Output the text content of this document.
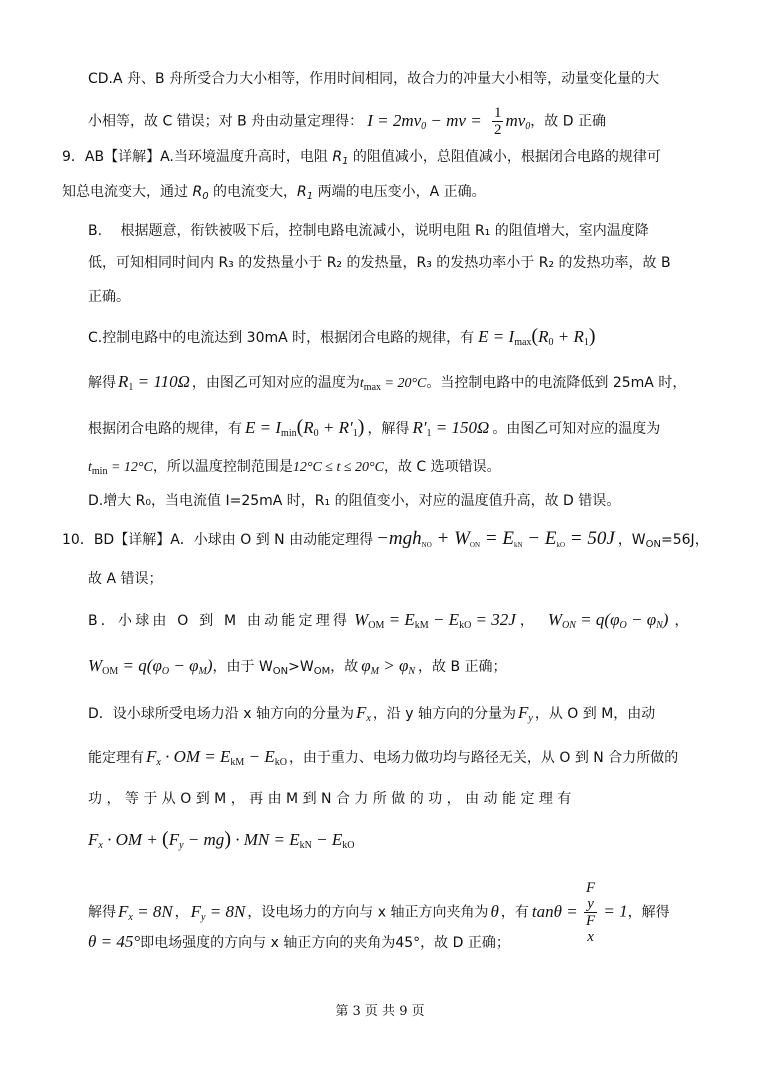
CD.A 舟、B 舟所受合力大小相等，作用时间相同，故合力的冲量大小相等，动量变化量的大
小相等，故 C 错误；对 B 舟由动量定理得： $I = 2mv_0$ − mv = $\frac{1}{2} mv_0$，故 D 正确
9．AB【详解】A.当环境温度升高时，电阻 $R_1$ 的阻值减小，总阻值减小，根据闭合电路的规律可
知总电流变大，通过 $R_0$ 的电流变大，$R_1$ 两端的电压变小，A 正确。
B.　 根据题意，衔铁被吸下后，控制电路电流减小，说明电阻 R₁ 的阻值增大，室内温度降
低，可知相同时间内 R₃ 的发热量小于 R₂ 的发热量，R₃ 的发热功率小于 R₂ 的发热功率，故 B
正确。
C.控制电路中的电流达到 30mA 时，根据闭合电路的规律，有 $E = I_{max}(R_0 + R_1)$
解得 $R_1 = 110\Omega$ ，由图乙可知对应的温度为$t_{max} = 20^\circ C$。当控制电路中的电流降低到 25mA 时，
根据闭合电路的规律，有 $E = I_{min}(R_0 + R'_1)$ ，解得 $R'_1 = 150\Omega$ 。由图乙可知对应的温度为
$t_{min} = 12^\circ C$，所以温度控制范围是12°C ≤ t ≤ 20°C，故 C 选项错误。
D.增大 R₀，当电流值 I=25mA 时，R₁ 的阻值变小，对应的温度值升高，故 D 错误。
10．BD【详解】A．小球由 O 到 N 由动能定理得 $-mgh_{NO} + W_{ON} = E_{kN} - E_{kO} = 50J$ ，$W_{ON}=56J$，
故 A 错误；
B．小球由 O 到 M 由动能定理得 $W_{OM} = E_{kM} - E_{kO} = 32J$ ， $W_{ON} = q(\varphi_O - \varphi_N)$ ，
$W_{OM} = q(\varphi_O - \varphi_M)$，由于 $W_{ON}>W_{OM}$，故 $\varphi_M > \varphi_N$ ，故 B 正确；
D．设小球所受电场力沿 x 轴方向的分量为 $F_x$ ，沿 y 轴方向的分量为 $F_y$ ，从 O 到 M，由动
能定理有 $F_x$ · OM = $E_{kM} - E_{kO}$ ，由于重力、电场力做功均与路径无关，从 O 到 N 合力所做的
功 ， 等 于 从 O 到 M ， 再 由 M 到 N 合 力 所 做 的 功 ， 由 动 能 定 理 有
$F_x$ · OM + $(F_y - mg)$ · MN = $E_{kN} - E_{kO}$
解得 $F_x = 8N$ ， $F_y = 8N$ ，设电场力的方向与 x 轴正方向夹角为 θ ，有 tanθ = F
y
F
x = 1，解得
θ = 45°即电场强度的方向与 x 轴正方向的夹角为45°，故 D 正确；
第 3 页 共 9 页
